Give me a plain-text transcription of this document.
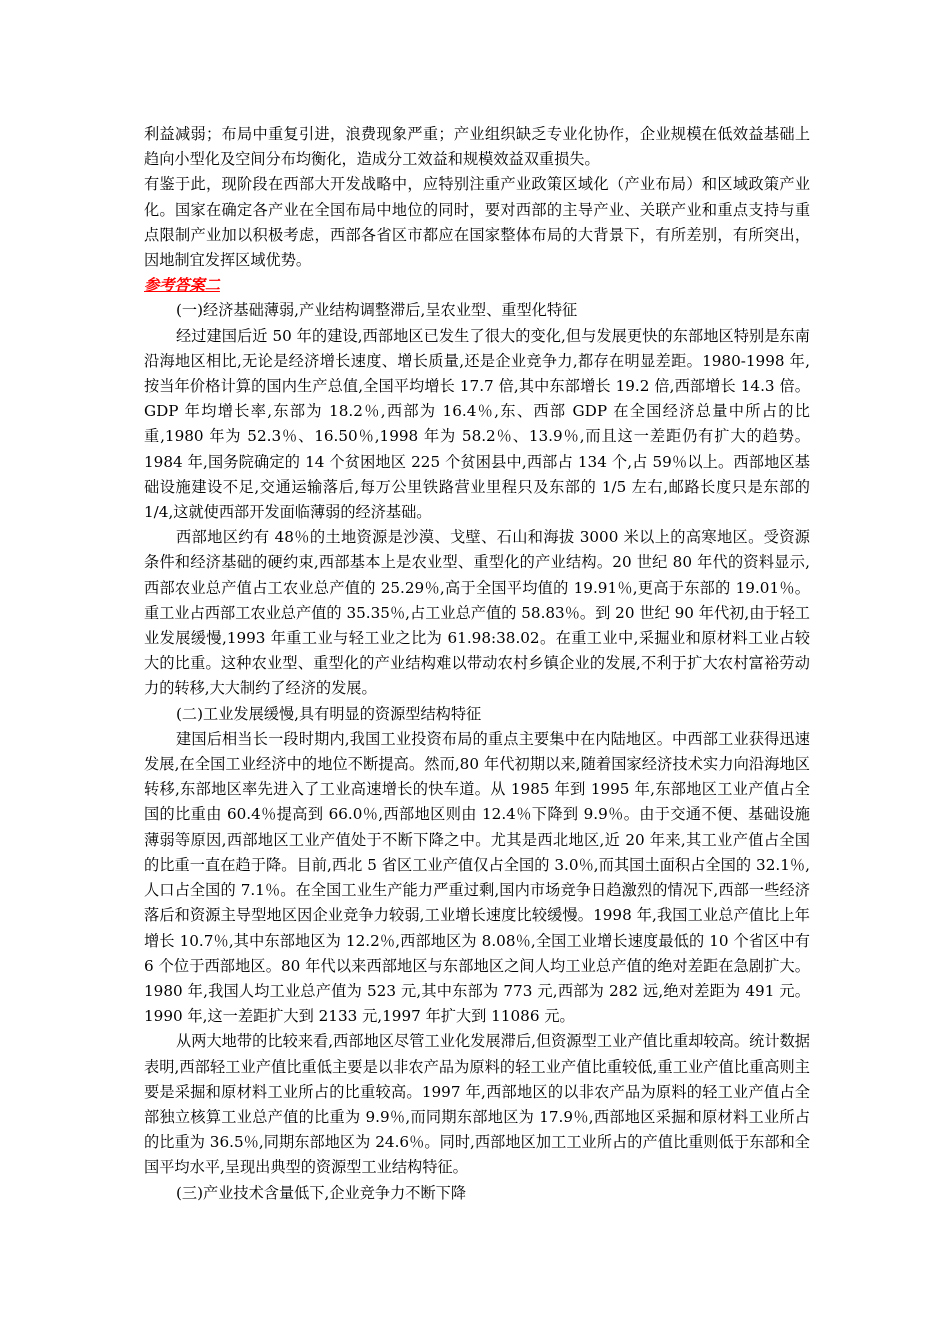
利益减弱；布局中重复引进，浪费现象严重；产业组织缺乏专业化协作，企业规模在低效益基础上趋向小型化及空间分布均衡化，造成分工效益和规模效益双重损失。

有鉴于此，现阶段在西部大开发战略中，应特别注重产业政策区域化（产业布局）和区域政策产业化。国家在确定各产业在全国布局中地位的同时，要对西部的主导产业、关联产业和重点支持与重点限制产业加以积极考虑，西部各省区市都应在国家整体布局的大背景下，有所差别，有所突出，因地制宜发挥区域优势。

参考答案二

(一)经济基础薄弱,产业结构调整滞后,呈农业型、重型化特征

经过建国后近 50 年的建设,西部地区已发生了很大的变化,但与发展更快的东部地区特别是东南沿海地区相比,无论是经济增长速度、增长质量,还是企业竞争力,都存在明显差距。1980-1998 年,按当年价格计算的国内生产总值,全国平均增长 17.7 倍,其中东部增长 19.2 倍,西部增长 14.3 倍。GDP 年均增长率,东部为 18.2％,西部为 16.4％,东、西部 GDP 在全国经济总量中所占的比重,1980 年为 52.3％、16.50％,1998 年为 58.2％、13.9％,而且这一差距仍有扩大的趋势。1984 年,国务院确定的 14 个贫困地区 225 个贫困县中,西部占 134 个,占 59％以上。西部地区基础设施建设不足,交通运输落后,每万公里铁路营业里程只及东部的 1/5 左右,邮路长度只是东部的 1/4,这就使西部开发面临薄弱的经济基础。

西部地区约有 48％的土地资源是沙漠、戈壁、石山和海拔 3000 米以上的高寒地区。受资源条件和经济基础的硬约束,西部基本上是农业型、重型化的产业结构。20 世纪 80 年代的资料显示,西部农业总产值占工农业总产值的 25.29％,高于全国平均值的 19.91％,更高于东部的 19.01％。重工业占西部工农业总产值的 35.35％,占工业总产值的 58.83％。到 20 世纪 90 年代初,由于轻工业发展缓慢,1993 年重工业与轻工业之比为 61.98:38.02。在重工业中,采掘业和原材料工业占较大的比重。这种农业型、重型化的产业结构难以带动农村乡镇企业的发展,不利于扩大农村富裕劳动力的转移,大大制约了经济的发展。

(二)工业发展缓慢,具有明显的资源型结构特征

建国后相当长一段时期内,我国工业投资布局的重点主要集中在内陆地区。中西部工业获得迅速发展,在全国工业经济中的地位不断提高。然而,80 年代初期以来,随着国家经济技术实力向沿海地区转移,东部地区率先进入了工业高速增长的快车道。从 1985 年到 1995 年,东部地区工业产值占全国的比重由 60.4％提高到 66.0％,西部地区则由 12.4％下降到 9.9％。由于交通不便、基础设施薄弱等原因,西部地区工业产值处于不断下降之中。尤其是西北地区,近 20 年来,其工业产值占全国的比重一直在趋于降。目前,西北 5 省区工业产值仅占全国的 3.0％,而其国土面积占全国的 32.1％,人口占全国的 7.1％。在全国工业生产能力严重过剩,国内市场竞争日趋激烈的情况下,西部一些经济落后和资源主导型地区因企业竞争力较弱,工业增长速度比较缓慢。1998 年,我国工业总产值比上年增长 10.7％,其中东部地区为 12.2％,西部地区为 8.08％,全国工业增长速度最低的 10 个省区中有 6 个位于西部地区。80 年代以来西部地区与东部地区之间人均工业总产值的绝对差距在急剧扩大。1980 年,我国人均工业总产值为 523 元,其中东部为 773 元,西部为 282 远,绝对差距为 491 元。1990 年,这一差距扩大到 2133 元,1997 年扩大到 11086 元。

从两大地带的比较来看,西部地区尽管工业化发展滞后,但资源型工业产值比重却较高。统计数据表明,西部轻工业产值比重低主要是以非农产品为原料的轻工业产值比重较低,重工业产值比重高则主要是采掘和原材料工业所占的比重较高。1997 年,西部地区的以非农产品为原料的轻工业产值占全部独立核算工业总产值的比重为 9.9％,而同期东部地区为 17.9％,西部地区采掘和原材料工业所占的比重为 36.5％,同期东部地区为 24.6％。同时,西部地区加工工业所占的产值比重则低于东部和全国平均水平,呈现出典型的资源型工业结构特征。

(三)产业技术含量低下,企业竞争力不断下降
